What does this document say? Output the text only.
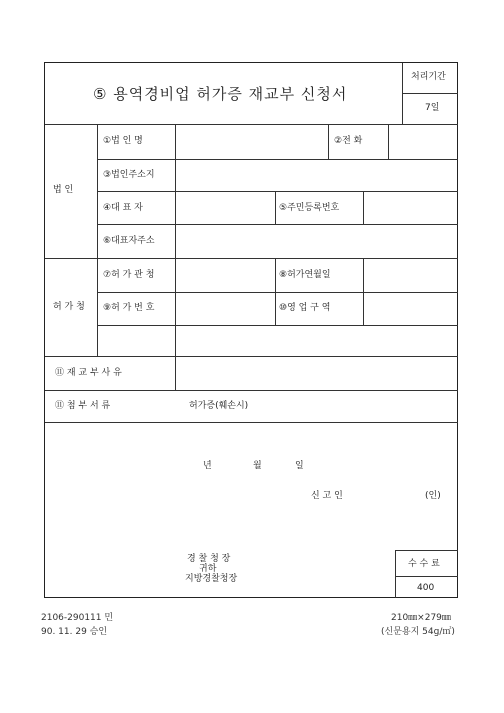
⑤ 용역경비업 허가증 재교부 신청서
처리기간
7일
법 인
①법 인 명	②전 화
③법인주소지
④대 표 자	⑤주민등록번호
⑥대표자주소
허 가 청
⑦허 가 관 청	⑧허가연월일
⑨허 가 번 호	⑩영 업 구 역
⑪ 재 교 부 사 유
⑪ 첨 부 서 류	허가증(훼손시)
년	월	일
신 고 인	(인)
경 찰 청 장
귀하
지방경찰청장
수 수 료
400
2106-290111 민
90. 11. 29 승인
210㎜×279㎜
(신문용지 54g/㎡)
